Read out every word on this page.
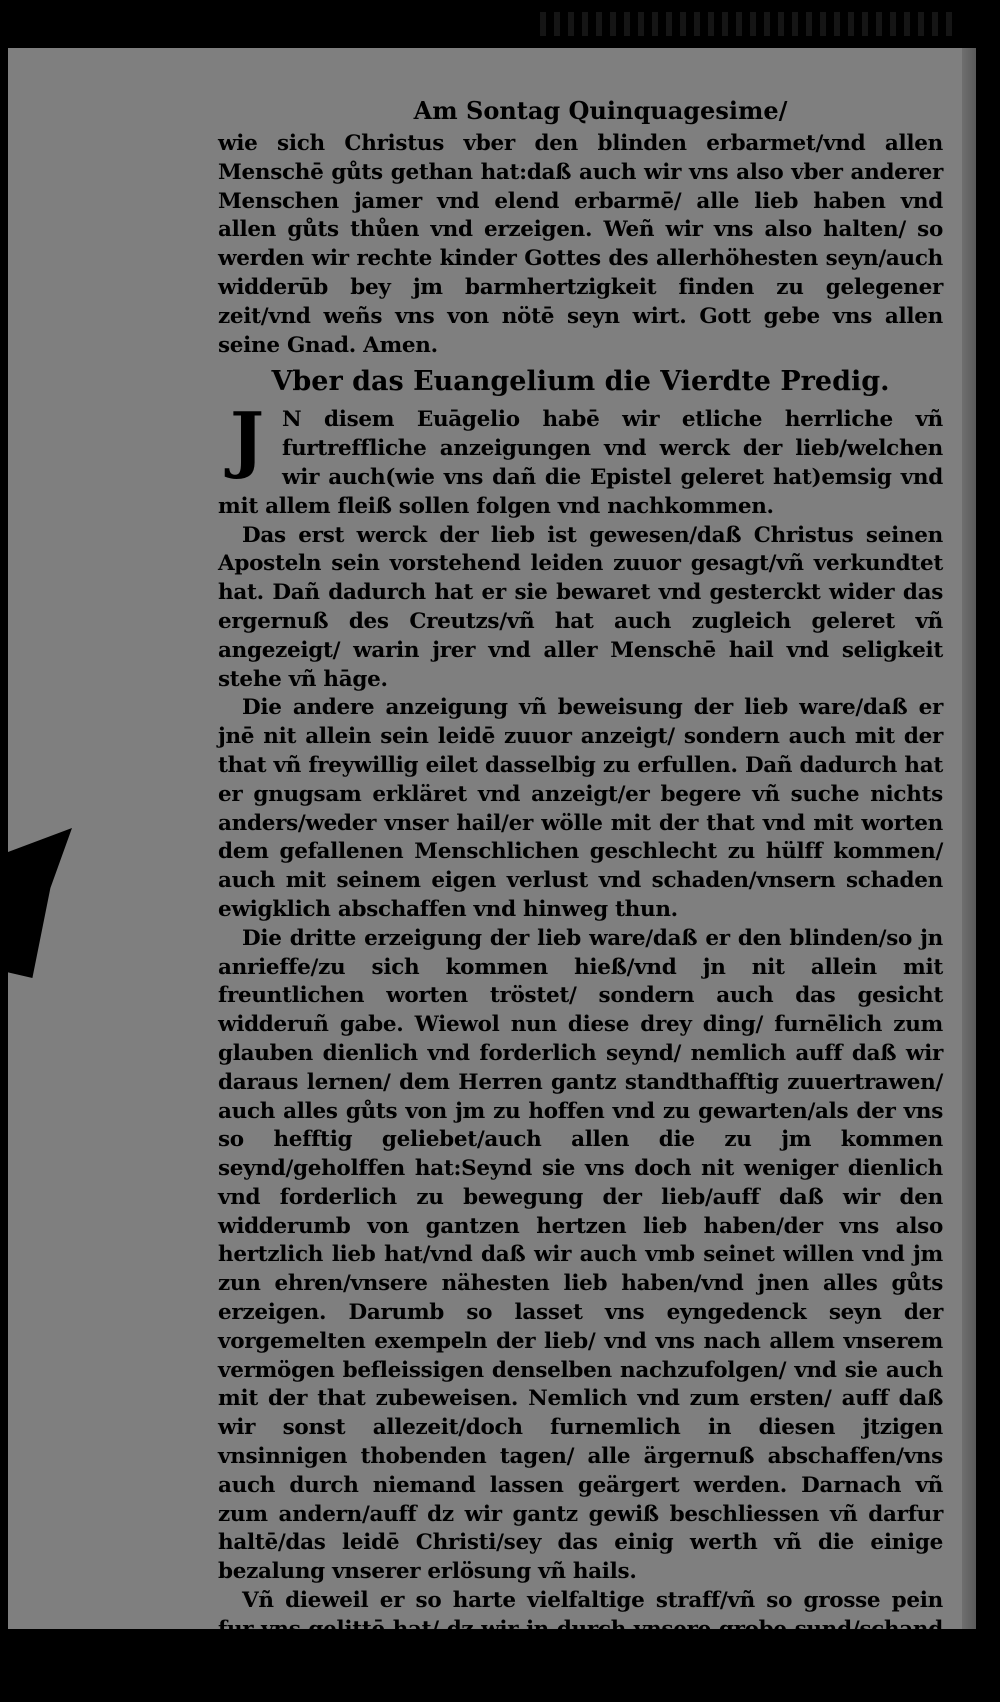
Am Sontag Quinquagesime/

wie sich Christus vber den blinden erbarmet/vnd allen Menschē gůts gethan hat:daß auch wir vns also vber anderer Menschen jamer vnd elend erbarmē/ alle lieb haben vnd allen gůts thůen vnd erzeigen. Weñ wir vns also halten/ so werden wir rechte kinder Gottes des allerhöhesten seyn/auch widderūb bey jm barmhertzigkeit finden zu gelegener zeit/vnd weñs vns von nötē seyn wirt. Gott gebe vns allen seine Gnad. Amen.

Vber das Euangelium die Vierdte Predig.
J N disem Euāgelio habē wir etliche herrliche vñ furtreffliche anzeigungen vnd werck der lieb/welchen wir auch(wie vns dañ die Epistel geleret hat)emsig vnd mit allem fleiß sollen folgen vnd nachkommen.

Das erst werck der lieb ist gewesen/daß Christus seinen Aposteln sein vorstehend leiden zuuor gesagt/vñ verkundtet hat. Dañ dadurch hat er sie bewaret vnd gesterckt wider das ergernuß des Creutzs/vñ hat auch zugleich geleret vñ angezeigt/ warin jrer vnd aller Menschē hail vnd seligkeit stehe vñ hāge.

Die andere anzeigung vñ beweisung der lieb ware/daß er jnē nit allein sein leidē zuuor anzeigt/ sondern auch mit der that vñ freywillig eilet dasselbig zu erfullen. Dañ dadurch hat er gnugsam erkläret vnd anzeigt/er begere vñ suche nichts anders/weder vnser hail/er wölle mit der that vnd mit worten dem gefallenen Menschlichen geschlecht zu hülff kommen/ auch mit seinem eigen verlust vnd schaden/vnsern schaden ewigklich abschaffen vnd hinweg thun.

Die dritte erzeigung der lieb ware/daß er den blinden/so jn anrieffe/zu sich kommen hieß/vnd jn nit allein mit freuntlichen worten tröstet/ sondern auch das gesicht widderuñ gabe. Wiewol nun diese drey ding/ furnēlich zum glauben dienlich vnd forderlich seynd/ nemlich auff daß wir daraus lernen/ dem Herren gantz standthafftig zuuertrawen/ auch alles gůts von jm zu hoffen vnd zu gewarten/als der vns so hefftig geliebet/auch allen die zu jm kommen seynd/geholffen hat:Seynd sie vns doch nit weniger dienlich vnd forderlich zu bewegung der lieb/auff daß wir den widderumb von gantzen hertzen lieb haben/der vns also hertzlich lieb hat/vnd daß wir auch vmb seinet willen vnd jm zun ehren/vnsere nähesten lieb haben/vnd jnen alles gůts erzeigen. Darumb so lasset vns eyngedenck seyn der vorgemelten exempeln der lieb/ vnd vns nach allem vnserem vermögen befleissigen denselben nachzufolgen/ vnd sie auch mit der that zubeweisen. Nemlich vnd zum ersten/ auff daß wir sonst allezeit/doch furnemlich in diesen jtzigen vnsinnigen thobenden tagen/ alle ärgernuß abschaffen/vns auch durch niemand lassen geärgert werden. Darnach vñ zum andern/auff dz wir gantz gewiß beschliessen vñ darfur haltē/das leidē Christi/sey das einig werth vñ die einige bezalung vnserer erlösung vñ hails.

Vñ dieweil er so harte vielfaltige straff/vñ so grosse pein fur vns gelittē hat/ dz wir jn durch vnsere grobe sund/schand vnd laster/ vnd durch vnser gottloß

leben/
